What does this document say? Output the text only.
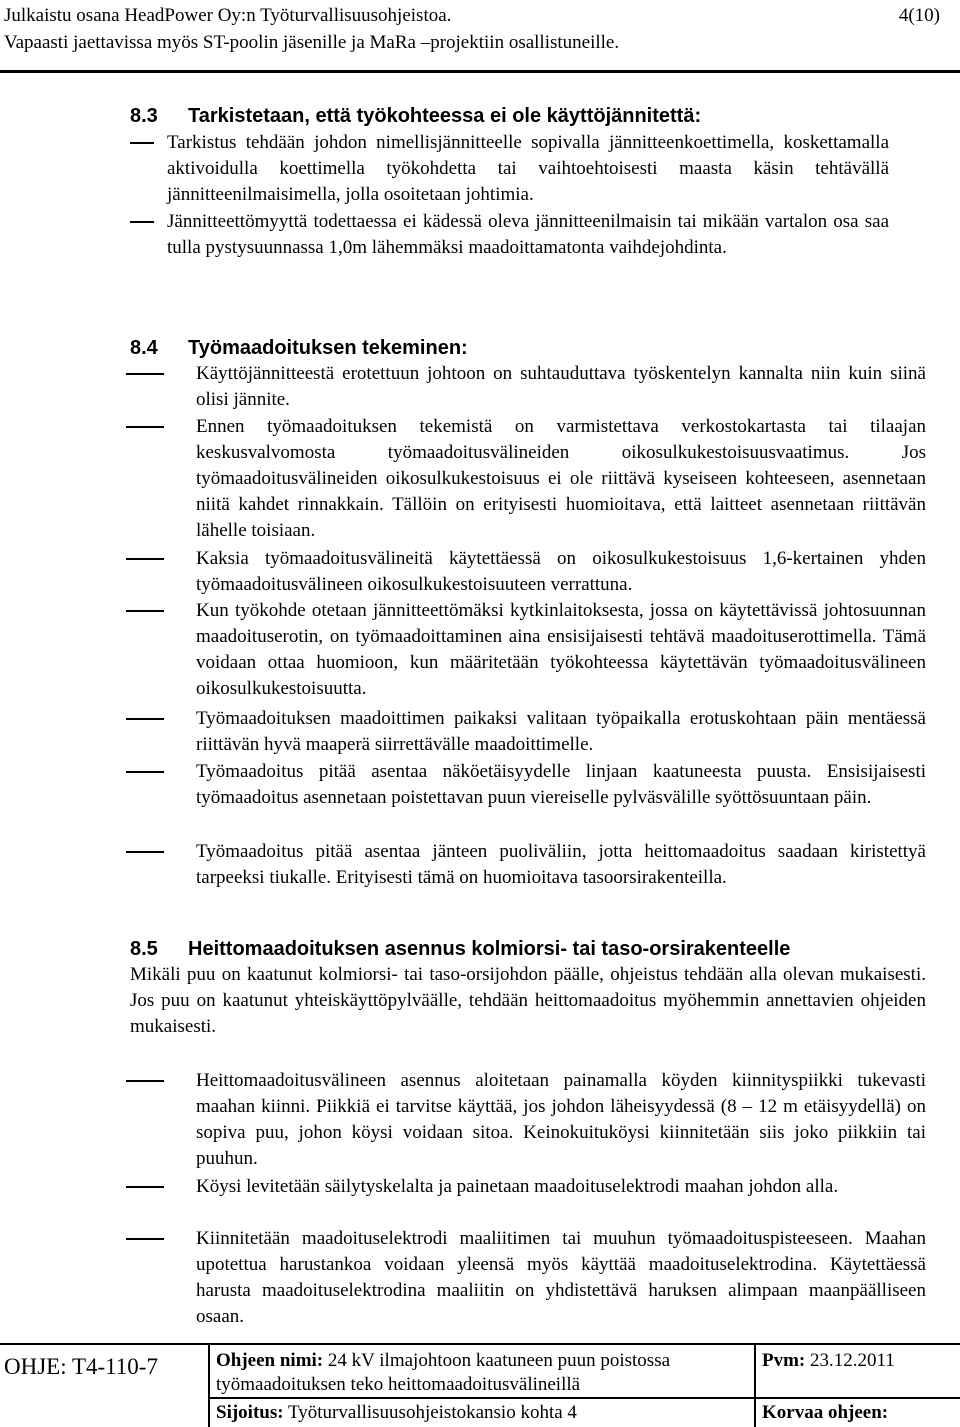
Julkaistu osana HeadPower Oy:n Työturvallisuusohjeistoa.
Vapaasti jaettavissa myös ST-poolin jäsenille ja MaRa –projektiin osallistuneille.
4(10)
8.3 Tarkistetaan, että työkohteessa ei ole käyttöjännitettä:
Tarkistus tehdään johdon nimellisjännitteelle sopivalla jännitteenkoettimella, koskettamalla aktivoidulla koettimella työkohdetta tai vaihtoehtoisesti maasta käsin tehtävällä jännitteenilmaisimella, jolla osoitetaan johtimia.
Jännitteettömyyttä todettaessa ei kädessä oleva jännitteenilmaisin tai mikään vartalon osa saa tulla pystysuunnassa 1,0m lähemmäksi maadoittamatonta vaihdejohdinta.
8.4 Työmaadoituksen tekeminen:
Käyttöjännitteestä erotettuun johtoon on suhtauduttava työskentelyn kannalta niin kuin siinä olisi jännite.
Ennen työmaadoituksen tekemistä on varmistettava verkostokartasta tai tilaajan keskusvalvomosta työmaadoitusvälineiden oikosulkukestoisuusvaatimus. Jos työmaadoitusvälineiden oikosulkukestoisuus ei ole riittävä kyseiseen kohteeseen, asennetaan niitä kahdet rinnakkain. Tällöin on erityisesti huomioitava, että laitteet asennetaan riittävän lähelle toisiaan.
Kaksia työmaadoitusvälineitä käytettäessä on oikosulkukestoisuus 1,6-kertainen yhden työmaadoitusvälineen oikosulkukestoisuuteen verrattuna.
Kun työkohde otetaan jännitteettömäksi kytkinlaitoksesta, jossa on käytettävissä johtosuunnan maadoituserotin, on työmaadoittaminen aina ensisijaisesti tehtävä maadoituserottimella. Tämä voidaan ottaa huomioon, kun määritetään työkohteessa käytettävän työmaadoitusvälineen oikosulkukestoisuutta.
Työmaadoituksen maadoittimen paikaksi valitaan työpaikalla erotuskohtaan päin mentäessä riittävän hyvä maaperä siirrettävälle maadoittimelle.
Työmaadoitus pitää asentaa näköetäisyydelle linjaan kaatuneesta puusta. Ensisijaisesti työmaadoitus asennetaan poistettavan puun viereiselle pylväsvälille syöttösuuntaan päin.
Työmaadoitus pitää asentaa jänteen puoliväliin, jotta heittomaadoitus saadaan kiristettyä tarpeeksi tiukalle. Erityisesti tämä on huomioitava tasoorsirakenteilla.
8.5 Heittomaadoituksen asennus kolmiorsi- tai taso-orsirakenteelle
Mikäli puu on kaatunut kolmiorsi- tai taso-orsijohdon päälle, ohjeistus tehdään alla olevan mukaisesti. Jos puu on kaatunut yhteiskäyttöpylväälle, tehdään heittomaadoitus myöhemmin annettavien ohjeiden mukaisesti.
Heittomaadoitusvälineen asennus aloitetaan painamalla köyden kiinnityspiikki tukevasti maahan kiinni. Piikkiä ei tarvitse käyttää, jos johdon läheisyydessä (8 – 12 m etäisyydellä) on sopiva puu, johon köysi voidaan sitoa. Keinokuituköysi kiinnitetään siis joko piikkiin tai puuhun.
Köysi levitetään säilytyskelalta ja painetaan maadoituselektrodi maahan johdon alla.
Kiinnitetään maadoituselektrodi maaliitimen tai muuhun työmaadoituspisteeseen. Maahan upotettua harustankoa voidaan yleensä myös käyttää maadoituselektrodina. Käytettäessä harusta maadoituselektrodina maaliitin on yhdistettävä haruksen alimpaan maanpäälliseen osaan.
OHJE: T4-110-7	Ohjeen nimi: 24 kV ilmajohtoon kaatuneen puun poistossa työmaadoituksen teko heittomaadoitusvälineillä
Pvm: 23.12.2011
Sijoitus: Työturvallisuusohjeistokansio kohta 4	Korvaa ohjeen:
